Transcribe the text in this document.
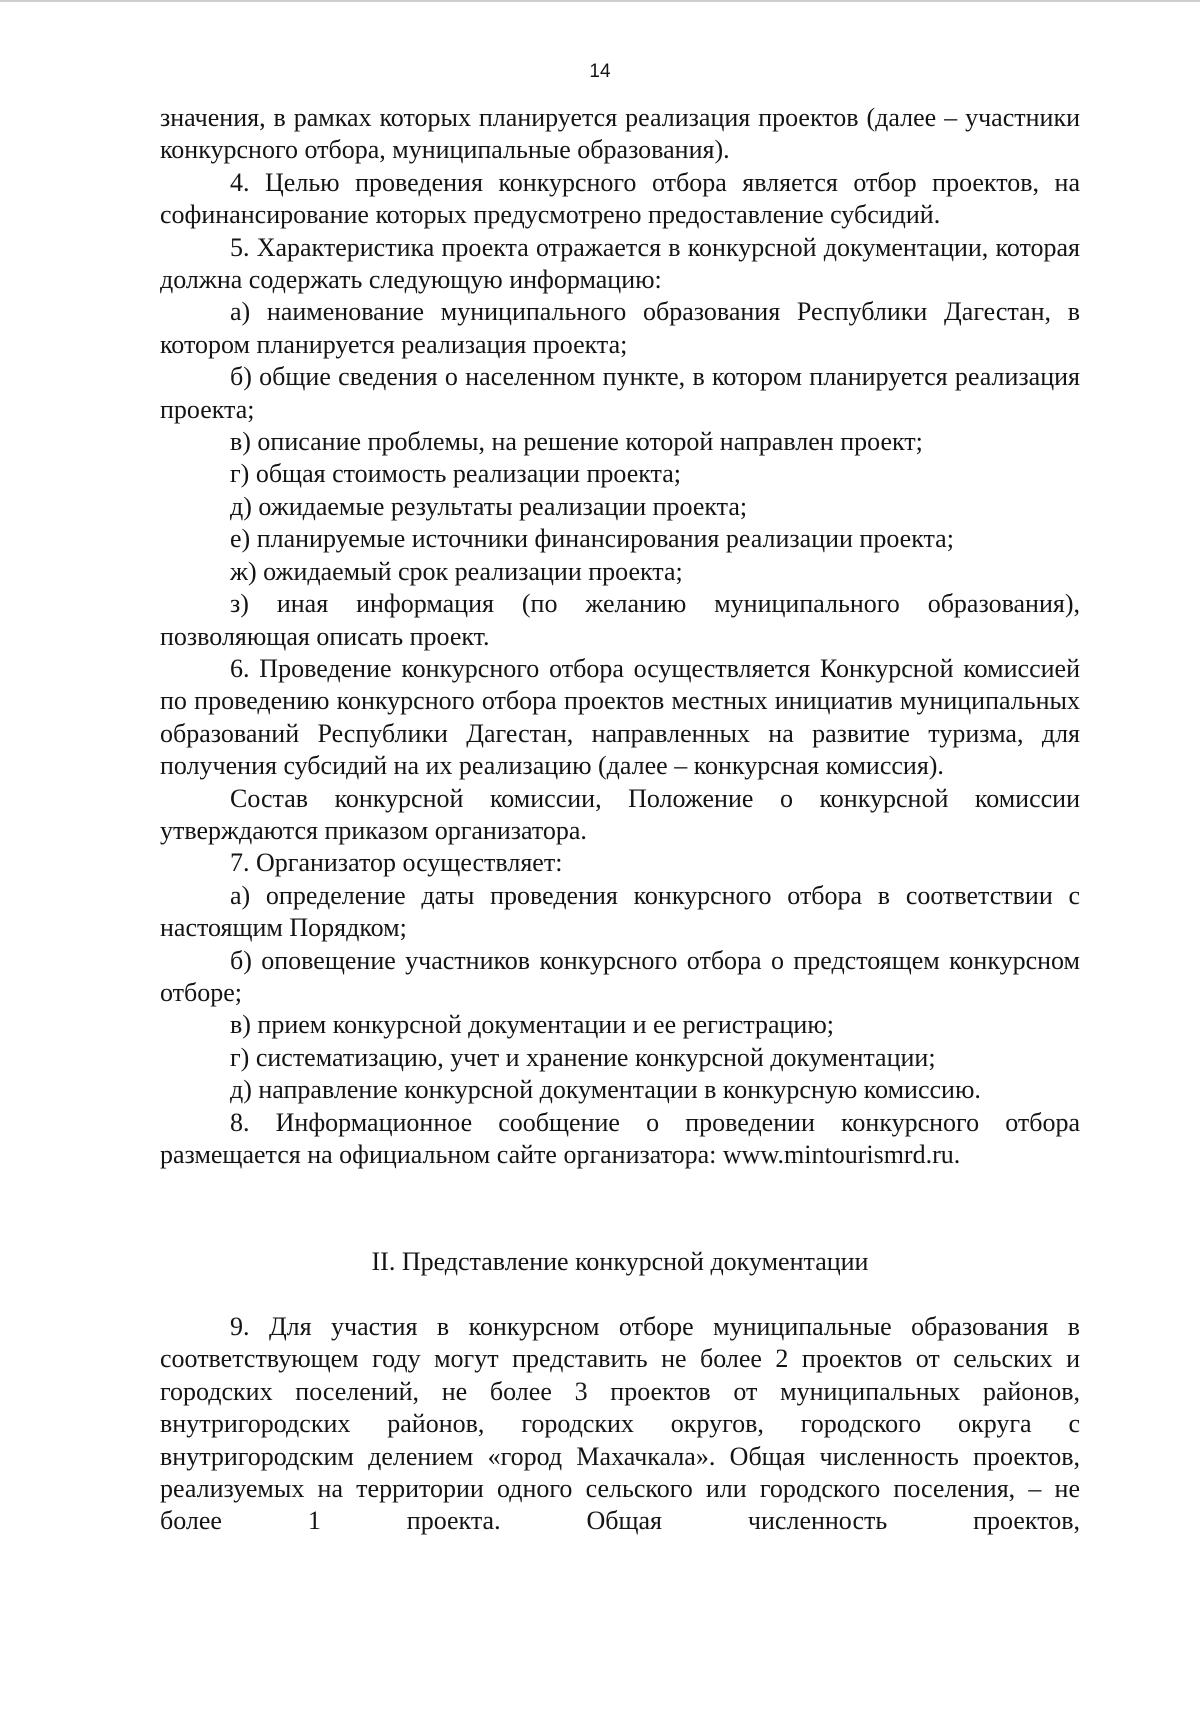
14

значения, в рамках которых планируется реализация проектов (далее – участники конкурсного отбора, муниципальные образования).

4. Целью проведения конкурсного отбора является отбор проектов, на софинансирование которых предусмотрено предоставление субсидий.

5. Характеристика проекта отражается в конкурсной документации, которая должна содержать следующую информацию:

а) наименование муниципального образования Республики Дагестан, в котором планируется реализация проекта;

б) общие сведения о населенном пункте, в котором планируется реализация проекта;

в) описание проблемы, на решение которой направлен проект;

г) общая стоимость реализации проекта;

д) ожидаемые результаты реализации проекта;

е) планируемые источники финансирования реализации проекта;

ж) ожидаемый срок реализации проекта;

з) иная информация (по желанию муниципального образования), позволяющая описать проект.

6. Проведение конкурсного отбора осуществляется Конкурсной комиссией по проведению конкурсного отбора проектов местных инициатив муниципальных образований Республики Дагестан, направленных на развитие туризма, для получения субсидий на их реализацию (далее – конкурсная комиссия).

Состав конкурсной комиссии, Положение о конкурсной комиссии утверждаются приказом организатора.

7. Организатор осуществляет:

а) определение даты проведения конкурсного отбора в соответствии с настоящим Порядком;

б) оповещение участников конкурсного отбора о предстоящем конкурсном отборе;

в) прием конкурсной документации и ее регистрацию;

г) систематизацию, учет и хранение конкурсной документации;

д) направление конкурсной документации в конкурсную комиссию.

8. Информационное сообщение о проведении конкурсного отбора размещается на официальном сайте организатора: www.mintourismrd.ru.

II. Представление конкурсной документации

9. Для участия в конкурсном отборе муниципальные образования в соответствующем году могут представить не более 2 проектов от сельских и городских поселений, не более 3 проектов от муниципальных районов, внутригородских районов, городских округов, городского округа с внутригородским делением «город Махачкала». Общая численность проектов, реализуемых на территории одного сельского или городского поселения, – не более 1 проекта. Общая численность проектов,
